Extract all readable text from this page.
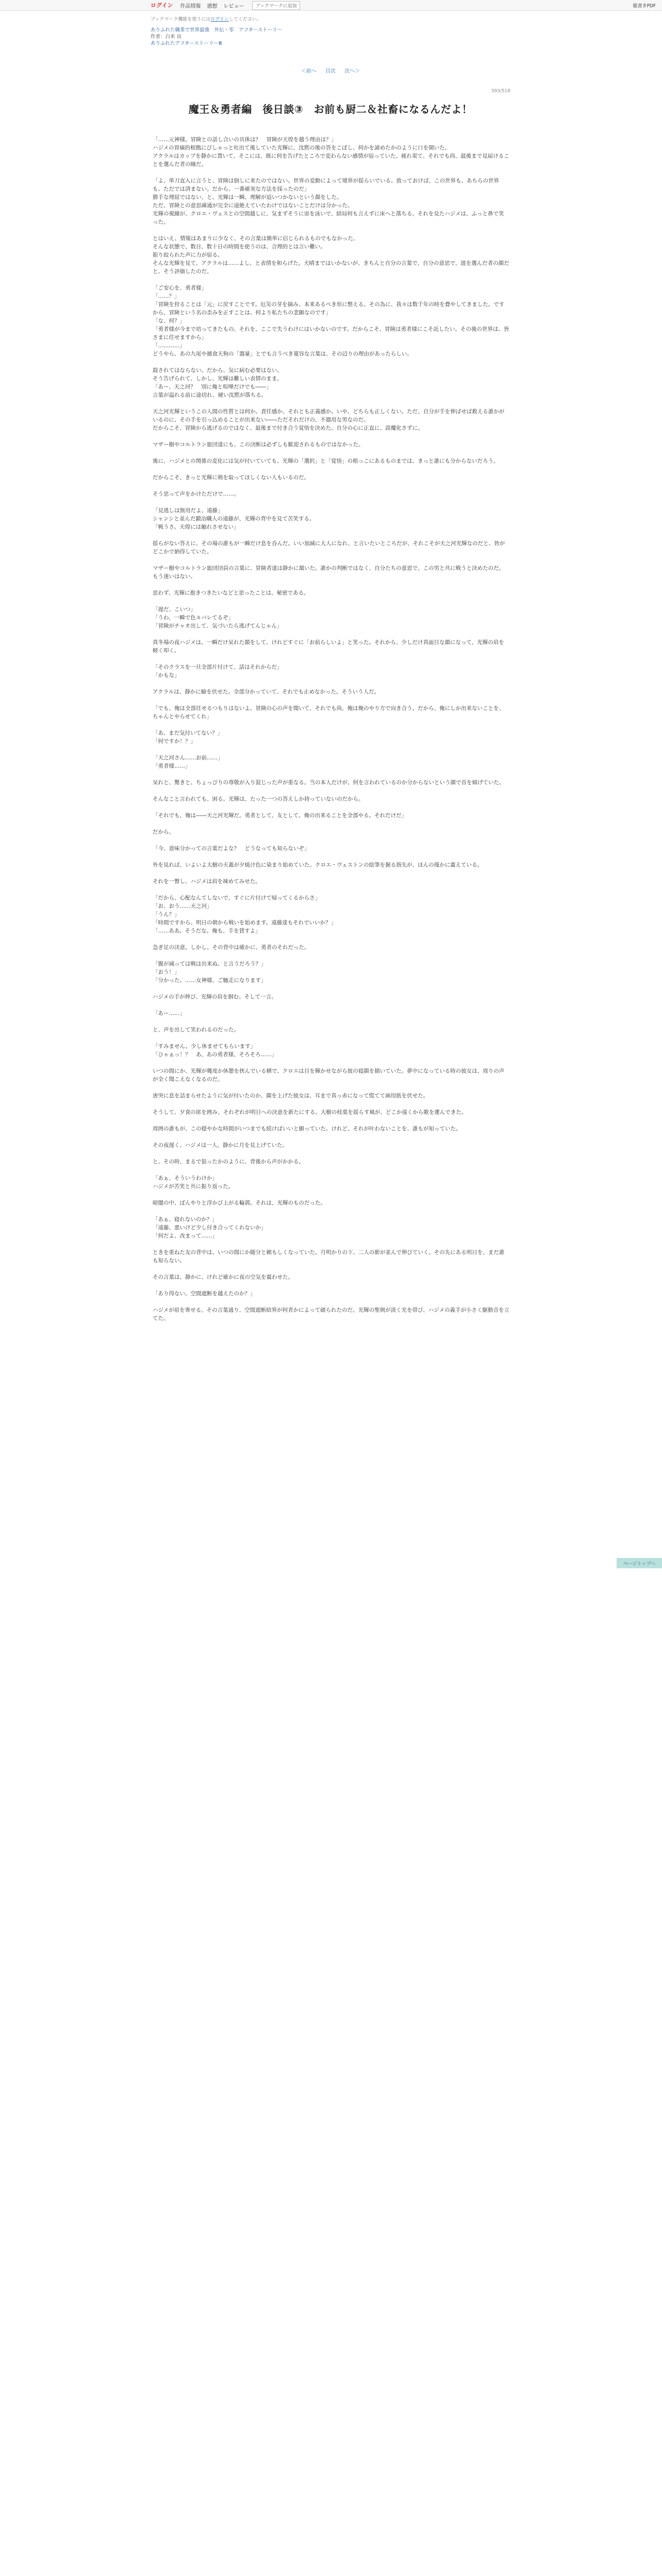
ログイン 作品情報 感想 レビュー	ブックマークに追加	縦書きPDF
ブックマーク機能を使うにはログインしてください。
ありふれた職業で世界最強　外伝・零　アフターストーリー
作者：白米 良
ありふれたアフターストーリーⅢ
＜前へ 目次 次へ＞
393/518
魔王＆勇者編　後日談③　お前も厨二＆社畜になるんだよ！

「……元神様。冒険との話し合いの具体は？　冒険が天煌を越う理由は？」

ハジメの胃痛的根拠にびしゃっと吐出て後していた光輝に、沈黙の後の答をこぼし、何かを諦めたかのように口を開いた。

アクラルはカップを静かに置いて、そこには、既に何を告げたところで変わらない感情が宿っていた。疲れ果て、それでも尚、最後まで見届けることを選んだ者の瞳だ。

「よ、単刀直入に言うと、冒険は倒しに来たのではない。世界の変動によって境界が揺らいでいる。放っておけば、この世界も、あちらの世界も、ただでは済まない。だから、一番確実な方法を採ったのだ」

勝手な理屈ではない、と。光輝は一瞬、理解が追いつかないという顔をした。

ただ、冒険との意思疎通が完全に途絶えていたわけではないことだけは分かった。

光輝の視線が、クロエ・ヴェスとの空間越しに、気まずそうに宙を泳いで、結局何も言えずに床へと落ちる。それを見たハジメは、ふっと鼻で笑った。

とはいえ、情報はあまりに少なく、その言葉は簡単に信じられるものでもなかった。

そんな状態で、数日、数十日の時間を使うのは、合理的とは言い難い。

振り絞られた声に力が宿る。

そんな光輝を見て、アクラルは……よし、と表情を和らげた。天晴まではいかないが、きちんと自分の言葉で、自分の意思で、道を選んだ者の顔だと、そう評価したのだ。

「ご安心を、勇者様」

「……？」

「冒険を狩ることは「元」に戻すことです。厄災の芽を摘み、本来あるべき形に整える。その為に、我々は数千年の時を費やしてきました。ですから、冒険という名の歪みを正すことは、何より私たちの悲願なのです」

「な、何？」

「勇者様が今まで培ってきたもの。それを、ここで失うわけにはいかないのです。だからこそ、冒険は勇者様にこそ託したい。その後の世界は、皆さまに任せますから」

「…………」

どうやら、あの九尾や捕食天狗の「器量」とでも言うべき寛容な言葉は、その辺りの理由があったらしい。

殺されてはならない。だから、気に病む必要はない。

そう告げられて、しかし、光輝は難しい表情のまま。

「あー、天之河？　別に俺と喧嘩だけでも――」

言葉が溢れる前に途切れ、硬い沈黙が落ちる。

天之河光輝というこの人間の性質とは何か。責任感か、それとも正義感か。いや、どちらも正しくない。ただ、自分が手を伸ばせば救える誰かがいるのに、その手を引っ込めることが出来ない――ただそれだけの、不器用な男なのだ。

だからこそ、冒険から逃げるのではなく、最後まで付き合う覚悟を決めた。自分の心に正直に、誤魔化さずに。

マザー樹やコルトラン旅団達にも、この決断は必ずしも歓迎されるものではなかった。

後に、ハジメとの関係の変化には気が付いていても、光輝の「選択」と「覚悟」の根っこにあるものまでは、きっと誰にも分からないだろう。

だからこそ、きっと光輝に剣を取ってほしくない人もいるのだ。

そう思って声をかけただけで……。

「見逃しは無用だよ、遠藤」

シャンシと並んだ鍛冶職人の遠藤が、光輝の背中を見て苦笑する。

「戦うさ。天煌には触れさせない」

揺らがない答えに、その場の誰もが一瞬だけ息を呑んだ。いい加減に大人になれ、と言いたいところだが、それこそが天之河光輝なのだと、皆がどこかで納得していた。

マザー樹やコルトラン旅団団員の言葉に、冒険者達は静かに頷いた。誰かの判断ではなく、自分たちの意思で、この男と共に戦うと決めたのだ。もう迷いはない。

思わず、光輝に抱きつきたいなどと思ったことは、秘密である。

「遅だ、こいつ」

「うわ、一瞬で色々バレてるぞ」

「冒険がチャオ出して、気づいたら逃げてんじゃん」

真冬場の夜ハジメは、一瞬だけ呆れた顔をして、けれどすぐに「お前らしいよ」と笑った。それから、少しだけ真面目な顔になって、光輝の肩を軽く叩く。

「そのクラスを一旦全部片付けて、話はそれからだ」

「かもな」

アクラルは、静かに瞼を伏せた。全部分かっていて、それでも止めなかった。そういう人だ。

「でも、俺は全部任せるつもりはないよ。冒険の心の声を聞いて、それでも尚、俺は俺のやり方で向き合う。だから、俺にしか出来ないことを、ちゃんとやらせてくれ」

「あ、まだ気付いてない？」

「何ですか！？」

「天之河さん……お前……」

「勇者様……」

呆れと、驚きと、ちょっぴりの尊敬が入り混じった声が重なる。当の本人だけが、何を言われているのか分からないという顔で首を傾げていた。

そんなこと言われても、困る。光輝は、たった一つの答えしか持っていないのだから。

「それでも、俺は――天之河光輝だ。勇者として、友として、俺の出来ることを全部やる。それだけだ」

だから。

「今、意味分かっての言葉だよな？　どうなっても知らないぞ」

外を見れば、いよいよ大樹の天蓋が夕焼け色に染まり始めていた。クロエ・ヴェストンの絵筆を握る指先が、ほんの僅かに震えている。

それを一瞥し、ハジメは肩を竦めてみせた。

「だから、心配なんてしないで、すぐに片付けて帰ってくるからさ」

「お、おう……天之河」

「うん？」

「時間ですから、明日の朝から戦いを始めます。遠藤達もそれでいいか？」

「……ああ。そうだな。俺も、手を貸すよ」

急ぎ足の決意。しかし、その背中は確かに、勇者のそれだった。

「腹が減っては戦は出来ぬ、と言うだろう？」

「おう！」

「分かった。……女神様、ご馳走になります」

ハジメの手が伸び、光輝の肩を掴む。そして一言。

「あー……」

と、声を出して笑われるのだった。

「すみません。少し休ませてもらいます」

「ひゃぁっ！？　あ、あの勇者様、そろそろ……」

いつの間にか、光輝が幾度か休憩を挟んでいる横で、クロエは目を輝かせながら彼の寝顔を描いていた。夢中になっている時の彼女は、周りの声が全く聞こえなくなるのだ。

唐突に息を詰まらせたように気が付いたのか、顔を上げた彼女は、耳まで真っ赤になって慌てて画用紙を伏せた。

そうして、夕食の席を囲み、それぞれが明日への決意を新たにする。大樹の枝葉を揺らす風が、どこか遠くから歌を運んできた。

周囲の誰もが、この穏やかな時間がいつまでも続けばいいと願っていた。けれど、それが叶わないことを、誰もが知っていた。

その夜遅く、ハジメは一人、静かに月を見上げていた。

と、その時、まるで狙ったかのように、背後から声がかかる。

「あぁ、そういうわけか」

ハジメが苦笑と共に振り返った。

暗闇の中、ぼんやりと浮かび上がる輪郭。それは、光輝のものだった。

「あぁ、寝れないのか？」

「遠藤、悪いけど少し付き合ってくれないか」

「何だよ、改まって……」

ときを重ねた友の背中は、いつの間にか随分と頼もしくなっていた。月明かりの下、二人の影が並んで伸びていく。その先にある明日を、まだ誰も知らない。

その言葉は、静かに、けれど確かに夜の空気を震わせた。

「あり得ない。空間遮断を越えたのか？」

ハジメが眉を寄せる。その言葉通り、空間遮断結界が何者かによって破られたのだ。光輝の聖剣が淡く光を帯び、ハジメの義手が小さく駆動音を立てた。

ページトップへ
